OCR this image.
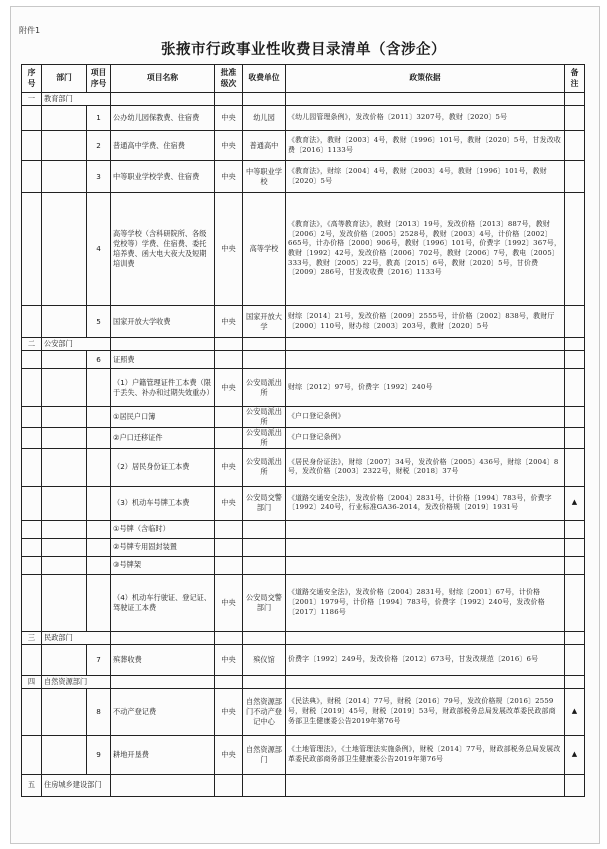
附件1
张掖市行政事业性收费目录清单（含涉企）
序号	部门	项目序号	项目名称	批准级次	收费单位	政策依据	备注
一	教育部门						
		1	公办幼儿园保教费、住宿费	中央	幼儿园	《幼儿园管理条例》，发改价格〔2011〕3207号，教财〔2020〕5号	
		2	普通高中学费、住宿费	中央	普通高中	《教育法》，教财〔2003〕4号，教财〔1996〕101号，教财〔2020〕5号，甘发改收费〔2016〕1133号	
		3	中等职业学校学费、住宿费	中央	中等职业学校	《教育法》，财综〔2004〕4号，教财〔2003〕4号，教财〔1996〕101号，教财〔2020〕5号	
		4	高等学校（含科研院所、各级党校等）学费、住宿费、委托培养费、函大电大夜大及短期培训费	中央	高等学校	《教育法》，《高等教育法》，教财〔2013〕19号，发改价格〔2013〕887号，教财〔2006〕2号，发改价格〔2005〕2528号，教财〔2003〕4号，计价格〔2002〕665号，计办价格〔2000〕906号，教财〔1996〕101号，价费字〔1992〕367号，教财〔1992〕42号，发改价格〔2006〕702号，教财〔2006〕7号，教电〔2005〕333号，教财〔2005〕22号，教高〔2015〕6号，教财〔2020〕5号，甘价费〔2009〕286号，甘发改收费〔2016〕1133号	
		5	国家开放大学收费	中央	国家开放大学	财综〔2014〕21号，发改价格〔2009〕2555号，计价格〔2002〕838号，教财厅〔2000〕110号，财办综〔2003〕203号，教财〔2020〕5号	
二	公安部门						
		6	证照费				
			（1）户籍管理证件工本费（限于丢失、补办和过期失效重办）	中央	公安局派出所	财综〔2012〕97号，价费字〔1992〕240号	
			①居民户口簿		公安局派出所	《户口登记条例》	
			②户口迁移证件		公安局派出所	《户口登记条例》	
			（2）居民身份证工本费	中央	公安局派出所	《居民身份证法》，财综〔2007〕34号，发改价格〔2005〕436号，财综〔2004〕8号，发改价格〔2003〕2322号，财税〔2018〕37号	
			（3）机动车号牌工本费	中央	公安局交警部门	《道路交通安全法》，发改价格〔2004〕2831号，计价格〔1994〕783号，价费字〔1992〕240号，行业标准GA36-2014，发改价格规〔2019〕1931号	▲
			①号牌（含临时）				
			②号牌专用固封装置				
			③号牌架				
			（4）机动车行驶证、登记证、驾驶证工本费	中央	公安局交警部门	《道路交通安全法》，发改价格〔2004〕2831号，财综〔2001〕67号，计价格〔2001〕1979号，计价格〔1994〕783号，价费字〔1992〕240号，发改价格〔2017〕1186号	
三	民政部门						
		7	殡葬收费	中央	殡仪馆	价费字〔1992〕249号，发改价格〔2012〕673号，甘发改规范〔2016〕6号	
四	自然资源部门						
		8	不动产登记费	中央	自然资源部门不动产登记中心	《民法典》，财税〔2014〕77号，财税〔2016〕79号，发改价格规〔2016〕2559号，财税〔2019〕45号，财税〔2019〕53号，财政部税务总局发展改革委民政部商务部卫生健康委公告2019年第76号	▲
		9	耕地开垦费	中央	自然资源部门	《土地管理法》，《土地管理法实施条例》，财税〔2014〕77号，财政部税务总局发展改革委民政部商务部卫生健康委公告2019年第76号	▲
五	住房城乡建设部门						
